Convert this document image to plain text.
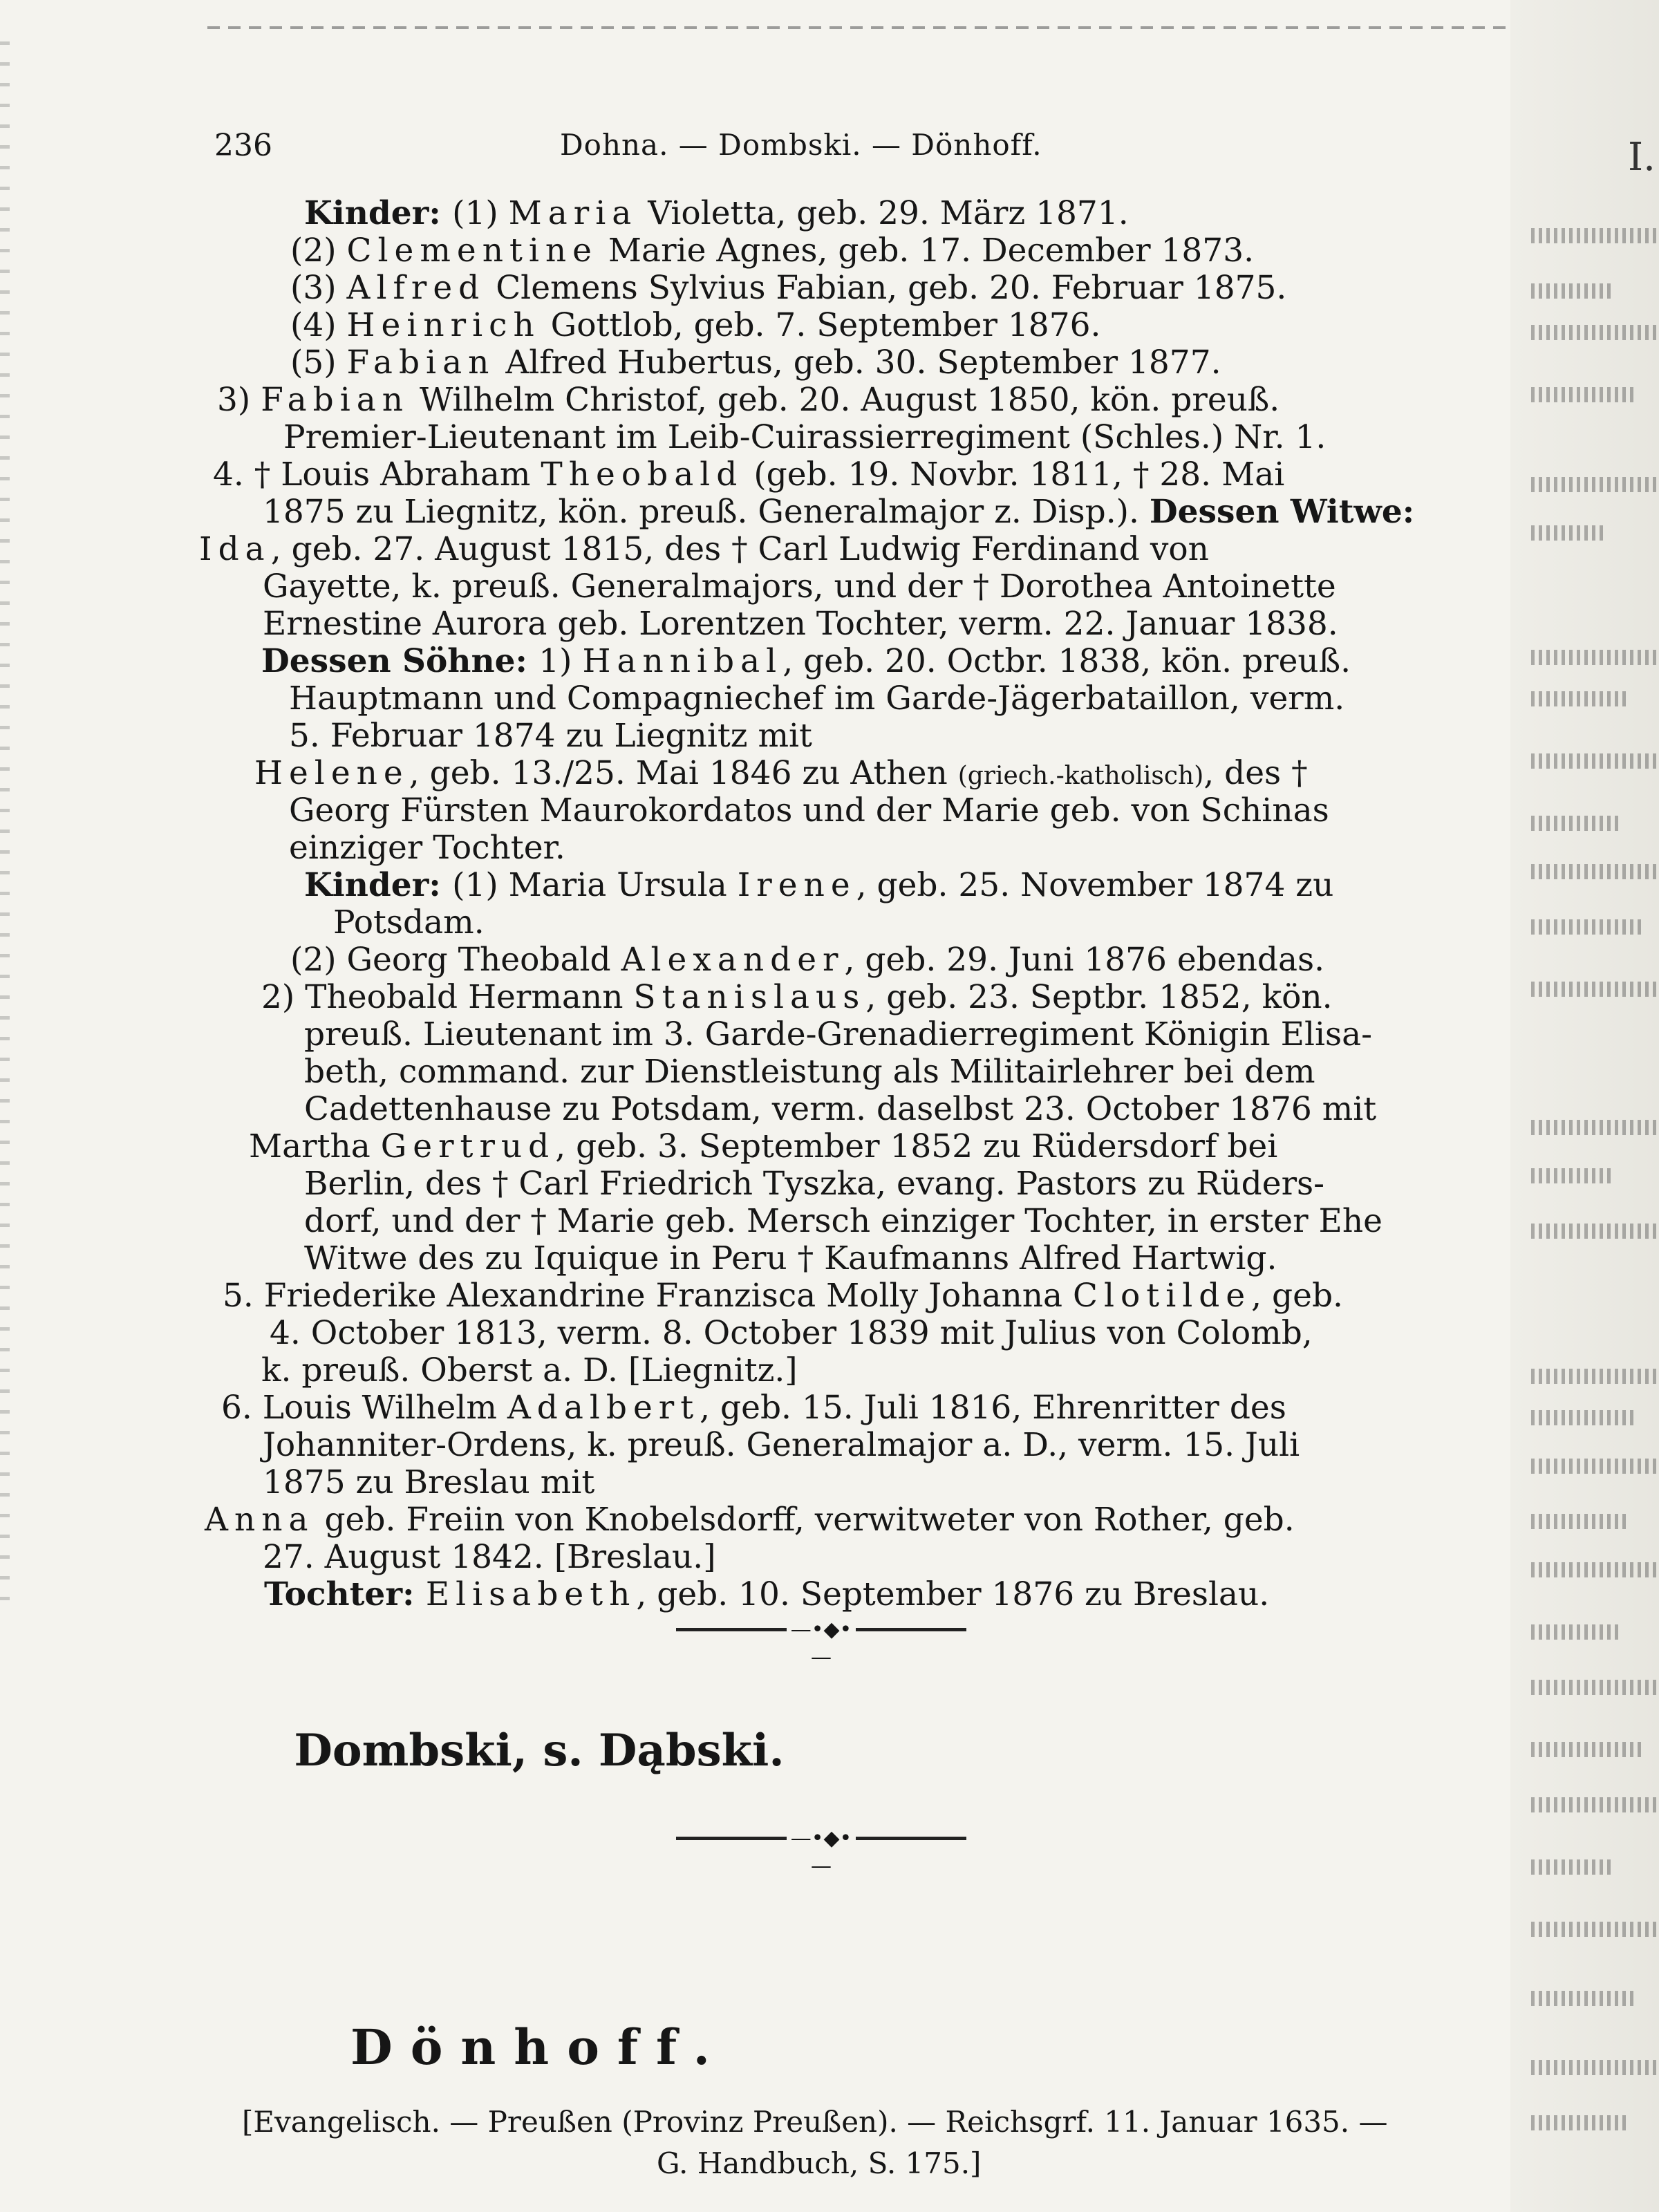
I.
236	Dohna. — Dombski. — Dönhoff.
Kinder: (1) Maria Violetta, geb. 29. März 1871.
(2) Clementine Marie Agnes, geb. 17. December 1873.
(3) Alfred Clemens Sylvius Fabian, geb. 20. Februar 1875.
(4) Heinrich Gottlob, geb. 7. September 1876.
(5) Fabian Alfred Hubertus, geb. 30. September 1877.
3) Fabian Wilhelm Christof, geb. 20. August 1850, kön. preuß.
Premier-Lieutenant im Leib-Cuirassierregiment (Schles.) Nr. 1.
4. † Louis Abraham Theobald (geb. 19. Novbr. 1811, † 28. Mai
1875 zu Liegnitz, kön. preuß. Generalmajor z. Disp.). Dessen Witwe:
Ida, geb. 27. August 1815, des † Carl Ludwig Ferdinand von
Gayette, k. preuß. Generalmajors, und der † Dorothea Antoinette
Ernestine Aurora geb. Lorentzen Tochter, verm. 22. Januar 1838.
Dessen Söhne: 1) Hannibal, geb. 20. Octbr. 1838, kön. preuß.
Hauptmann und Compagniechef im Garde-Jägerbataillon, verm.
5. Februar 1874 zu Liegnitz mit
Helene, geb. 13./25. Mai 1846 zu Athen (griech.-katholisch), des †
Georg Fürsten Maurokordatos und der Marie geb. von Schinas
einziger Tochter.
Kinder: (1) Maria Ursula Irene, geb. 25. November 1874 zu
Potsdam.
(2) Georg Theobald Alexander, geb. 29. Juni 1876 ebendas.
2) Theobald Hermann Stanislaus, geb. 23. Septbr. 1852, kön.
preuß. Lieutenant im 3. Garde-Grenadierregiment Königin Elisa-
beth, command. zur Dienstleistung als Militairlehrer bei dem
Cadettenhause zu Potsdam, verm. daselbst 23. October 1876 mit
Martha Gertrud, geb. 3. September 1852 zu Rüdersdorf bei
Berlin, des † Carl Friedrich Tyszka, evang. Pastors zu Rüders-
dorf, und der † Marie geb. Mersch einziger Tochter, in erster Ehe
Witwe des zu Iquique in Peru † Kaufmanns Alfred Hartwig.
5. Friederike Alexandrine Franzisca Molly Johanna Clotilde, geb.
4. October 1813, verm. 8. October 1839 mit Julius von Colomb,
k. preuß. Oberst a. D. [Liegnitz.]
6. Louis Wilhelm Adalbert, geb. 15. Juli 1816, Ehrenritter des
Johanniter-Ordens, k. preuß. Generalmajor a. D., verm. 15. Juli
1875 zu Breslau mit
Anna geb. Freiin von Knobelsdorff, verwitweter von Rother, geb.
27. August 1842. [Breslau.]
Tochter: Elisabeth, geb. 10. September 1876 zu Breslau.
—•◆•—
Dombski, s. Dąbski.
—•◆•—
Dönhoff.
[Evangelisch. — Preußen (Provinz Preußen). — Reichsgrf. 11. Januar 1635. —
G. Handbuch, S. 175.]
